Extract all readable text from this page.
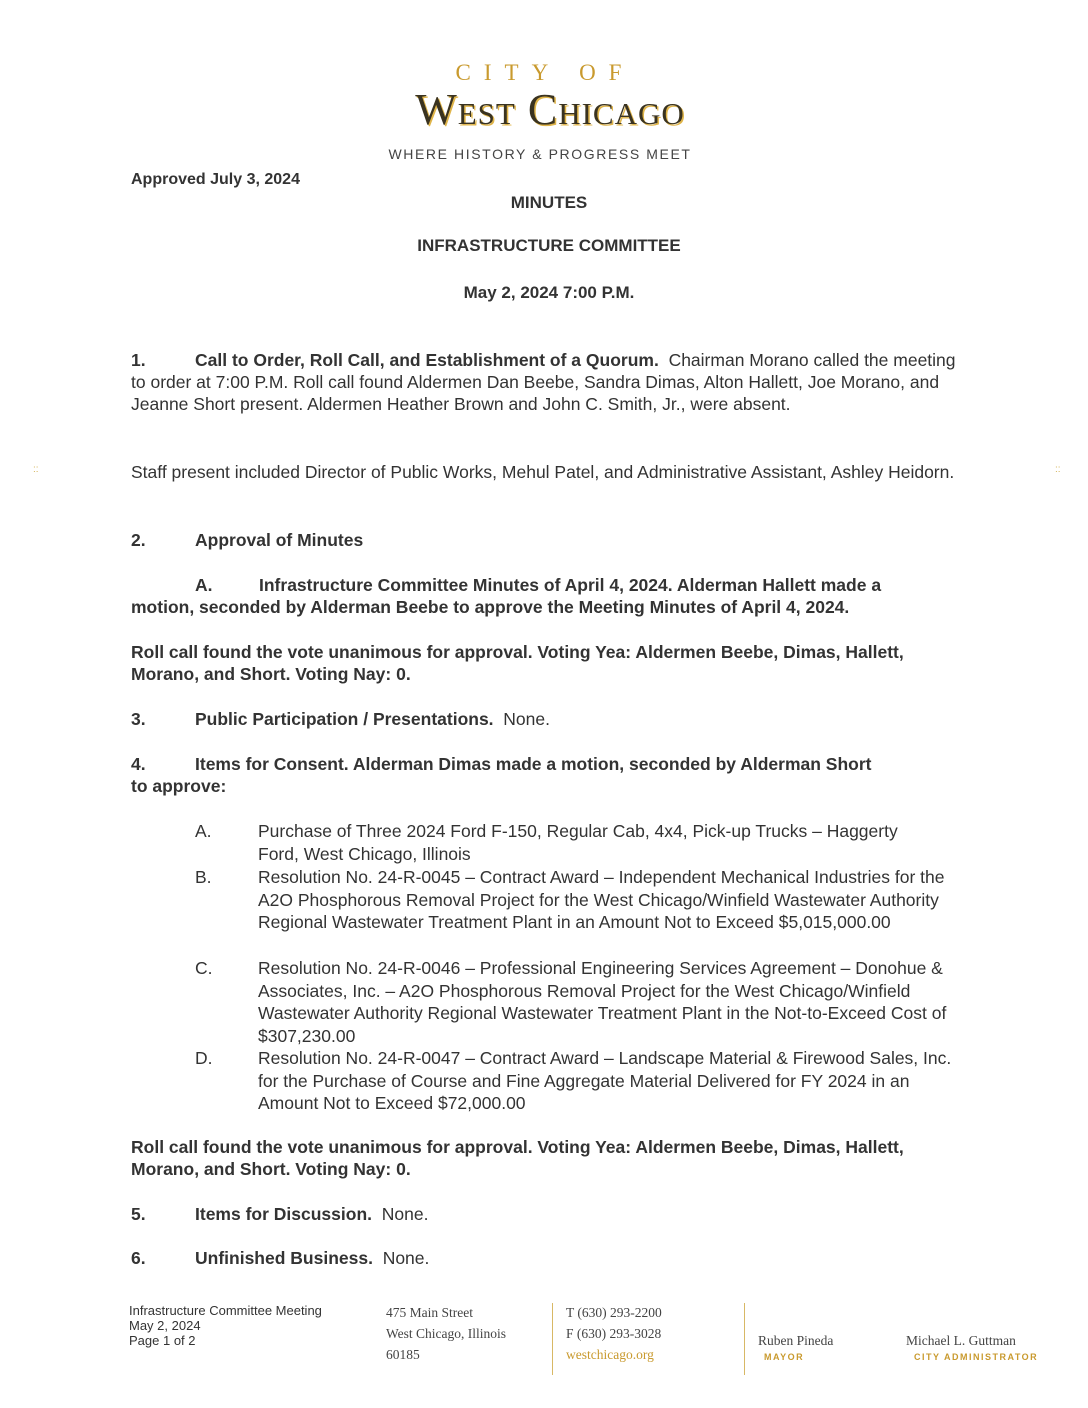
CITY OF
West Chicago
WHERE HISTORY & PROGRESS MEET
Approved July 3, 2024
MINUTES
INFRASTRUCTURE COMMITTEE
May 2, 2024 7:00 P.M.
::	::
1.	Call to Order, Roll Call, and Establishment of a Quorum. Chairman Morano called the meeting to order at 7:00 P.M. Roll call found Aldermen Dan Beebe, Sandra Dimas, Alton Hallett, Joe Morano, and Jeanne Short present. Aldermen Heather Brown and John C. Smith, Jr., were absent.
Staff present included Director of Public Works, Mehul Patel, and Administrative Assistant, Ashley Heidorn.
2.	Approval of Minutes
A.	Infrastructure Committee Minutes of April 4, 2024. Alderman Hallett made a
motion, seconded by Alderman Beebe to approve the Meeting Minutes of April 4, 2024.
Roll call found the vote unanimous for approval. Voting Yea: Aldermen Beebe, Dimas, Hallett, Morano, and Short. Voting Nay: 0.
3.	Public Participation / Presentations. None.
4.	Items for Consent. Alderman Dimas made a motion, seconded by Alderman Short
to approve:
A.	Purchase of Three 2024 Ford F-150, Regular Cab, 4x4, Pick-up Trucks – Haggerty Ford, West Chicago, Illinois
B.	Resolution No. 24-R-0045 – Contract Award – Independent Mechanical Industries for the A2O Phosphorous Removal Project for the West Chicago/Winfield Wastewater Authority Regional Wastewater Treatment Plant in an Amount Not to Exceed $5,015,000.00
C.	Resolution No. 24-R-0046 – Professional Engineering Services Agreement – Donohue & Associates, Inc. – A2O Phosphorous Removal Project for the West Chicago/Winfield Wastewater Authority Regional Wastewater Treatment Plant in the Not-to-Exceed Cost of $307,230.00
D.	Resolution No. 24-R-0047 – Contract Award – Landscape Material & Firewood Sales, Inc. for the Purchase of Course and Fine Aggregate Material Delivered for FY 2024 in an Amount Not to Exceed $72,000.00
Roll call found the vote unanimous for approval. Voting Yea: Aldermen Beebe, Dimas, Hallett, Morano, and Short. Voting Nay: 0.
5.	Items for Discussion. None.
6.	Unfinished Business. None.
Infrastructure Committee Meeting
May 2, 2024
Page 1 of 2
475 Main Street
West Chicago, Illinois
60185
T (630) 293-2200
F (630) 293-3028
westchicago.org
Ruben Pineda
MAYOR
Michael L. Guttman
CITY ADMINISTRATOR
